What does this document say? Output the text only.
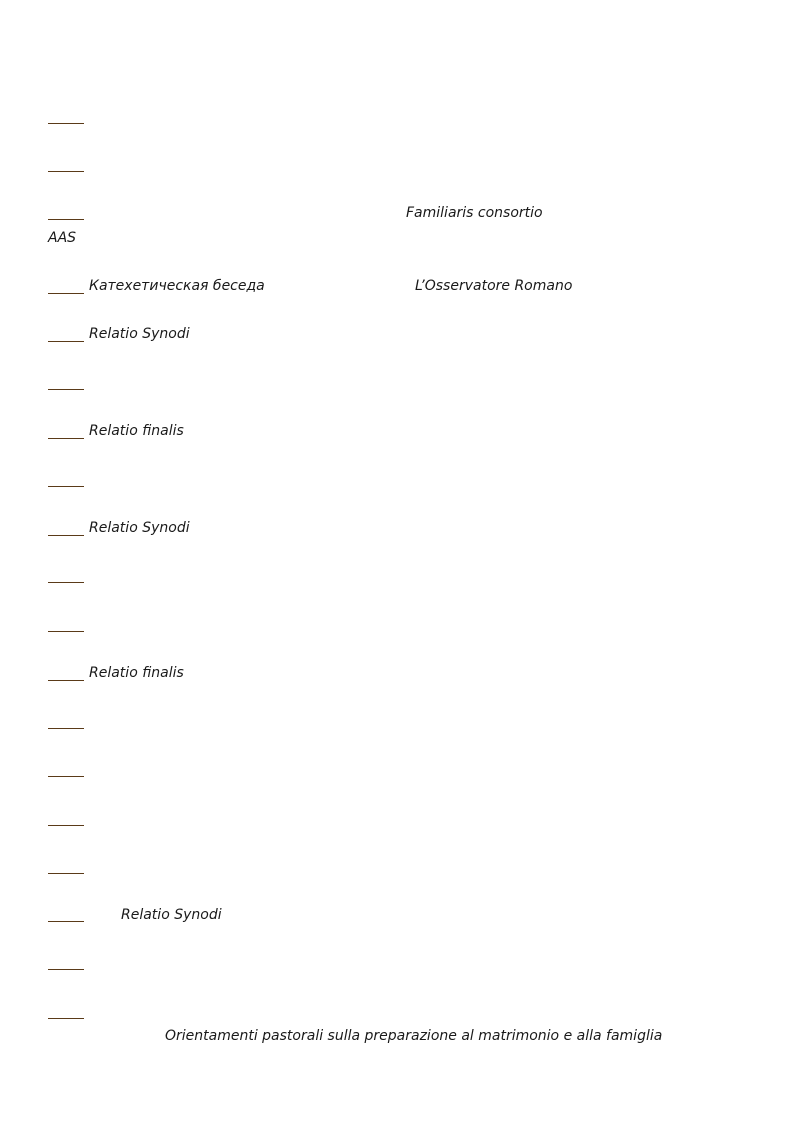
Familiaris consortio
AAS
Катехетическая беседа	L’Osservatore Romano
Relatio Synodi
Relatio finalis
Relatio Synodi
Relatio finalis
Relatio Synodi
Orientamenti pastorali sulla preparazione al matrimonio e alla famiglia
